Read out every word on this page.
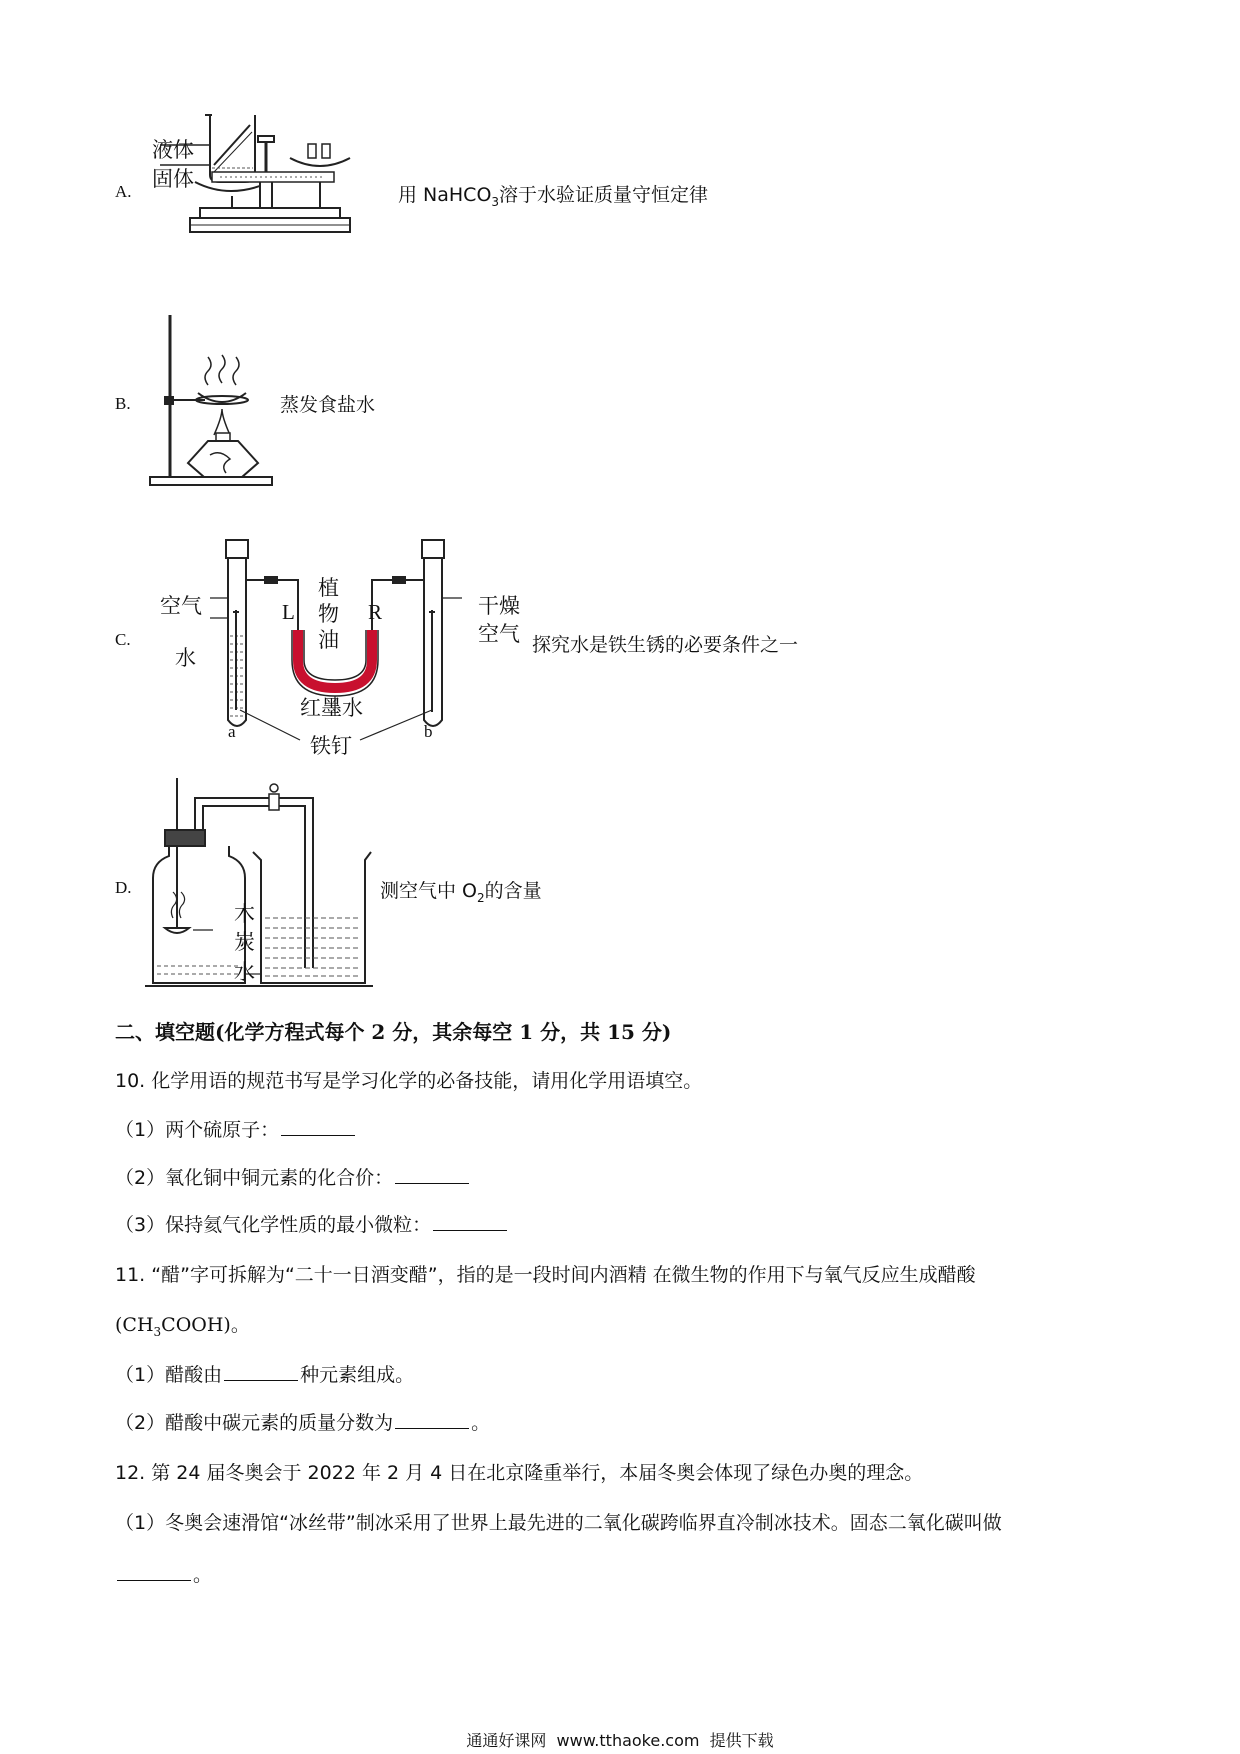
A.
液体
固体
用 NaHCO$_3$溶于水验证质量守恒定律
B.	蒸发食盐水
C.
空气
水
植
物
油
L	R	干燥
空气
红墨水
铁钉
a	b
探究水是铁生锈的必要条件之一
D.
木
炭
水
测空气中 $O_2$的含量
二、填空题(化学方程式每个 2 分，其余每空 1 分，共 15 分)
10. 化学用语的规范书写是学习化学的必备技能，请用化学用语填空。
（1）两个硫原子：
（2）氧化铜中铜元素的化合价：
（3）保持氦气化学性质的最小微粒：
11. “醋”字可拆解为“二十一日酒变醋”，指的是一段时间内酒精 在微生物的作用下与氧气反应生成醋酸
$(CH_3COOH)$。
（1）醋酸由	种元素组成。
（2）醋酸中碳元素的质量分数为	。
12. 第 24 届冬奥会于 2022 年 2 月 4 日在北京隆重举行，本届冬奥会体现了绿色办奥的理念。
（1）冬奥会速滑馆“冰丝带”制冰采用了世界上最先进的二氧化碳跨临界直冷制冰技术。固态二氧化碳叫做
。
通通好课网  www.tthaoke.com  提供下载
